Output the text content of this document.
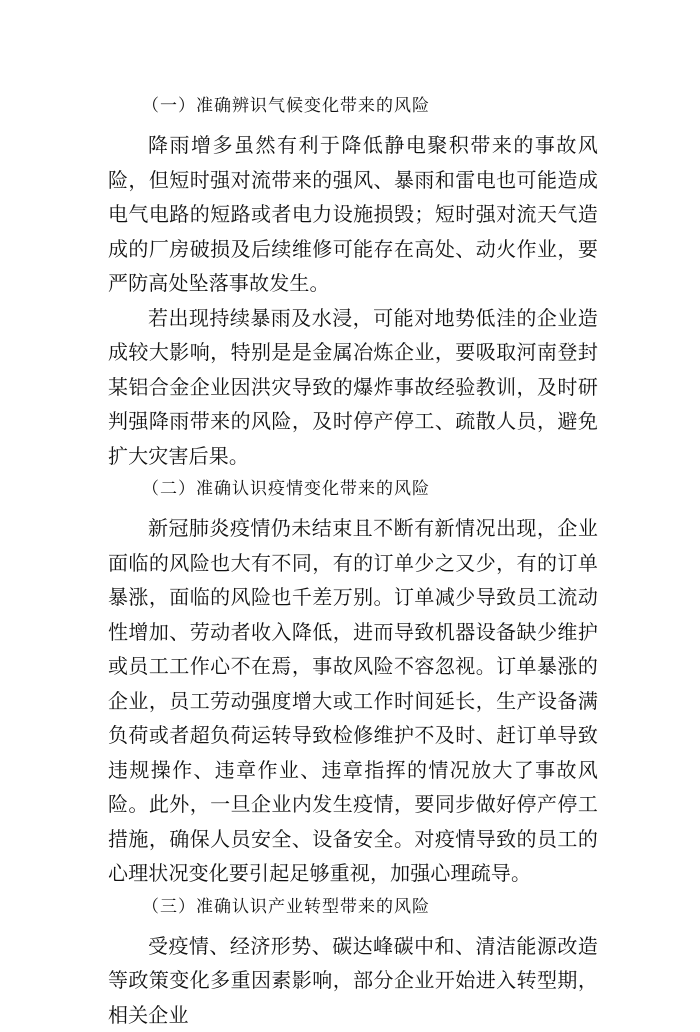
（一）准确辨识气候变化带来的风险

降雨增多虽然有利于降低静电聚积带来的事故风险，但短时强对流带来的强风、暴雨和雷电也可能造成电气电路的短路或者电力设施损毁；短时强对流天气造成的厂房破损及后续维修可能存在高处、动火作业，要严防高处坠落事故发生。

若出现持续暴雨及水浸，可能对地势低洼的企业造成较大影响，特别是是金属冶炼企业，要吸取河南登封某铝合金企业因洪灾导致的爆炸事故经验教训，及时研判强降雨带来的风险，及时停产停工、疏散人员，避免扩大灾害后果。

（二）准确认识疫情变化带来的风险

新冠肺炎疫情仍未结束且不断有新情况出现，企业面临的风险也大有不同，有的订单少之又少，有的订单暴涨，面临的风险也千差万别。订单减少导致员工流动性增加、劳动者收入降低，进而导致机器设备缺少维护或员工工作心不在焉，事故风险不容忽视。订单暴涨的企业，员工劳动强度增大或工作时间延长，生产设备满负荷或者超负荷运转导致检修维护不及时、赶订单导致违规操作、违章作业、违章指挥的情况放大了事故风险。此外，一旦企业内发生疫情，要同步做好停产停工措施，确保人员安全、设备安全。对疫情导致的员工的心理状况变化要引起足够重视，加强心理疏导。

（三）准确认识产业转型带来的风险

受疫情、经济形势、碳达峰碳中和、清洁能源改造等政策变化多重因素影响，部分企业开始进入转型期，相关企业
